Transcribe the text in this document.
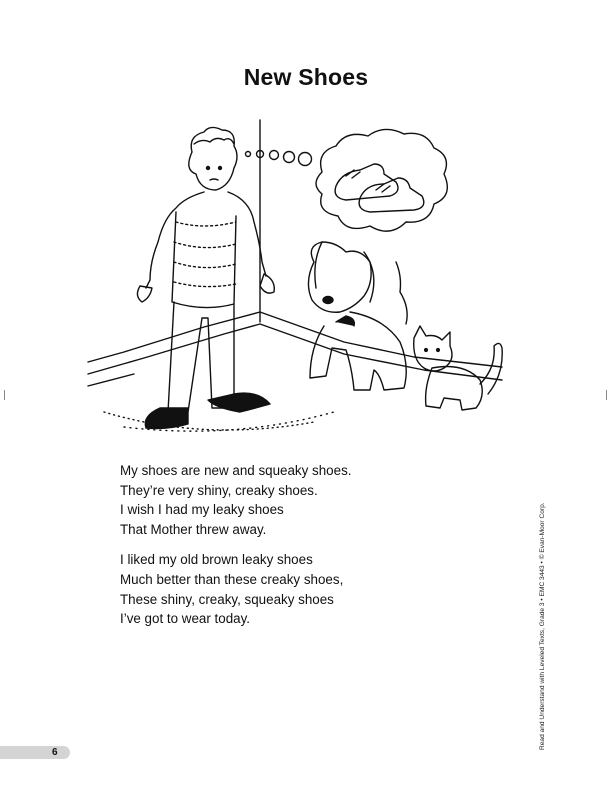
New Shoes
My shoes are new and squeaky shoes.
They’re very shiny, creaky shoes.
I wish I had my leaky shoes
That Mother threw away.
I liked my old brown leaky shoes
Much better than these creaky shoes,
These shiny, creaky, squeaky shoes
I’ve got to wear today.	Read and Understand with Leveled Texts, Grade 3 • EMC 3443 • © Evan-Moor Corp.
6
